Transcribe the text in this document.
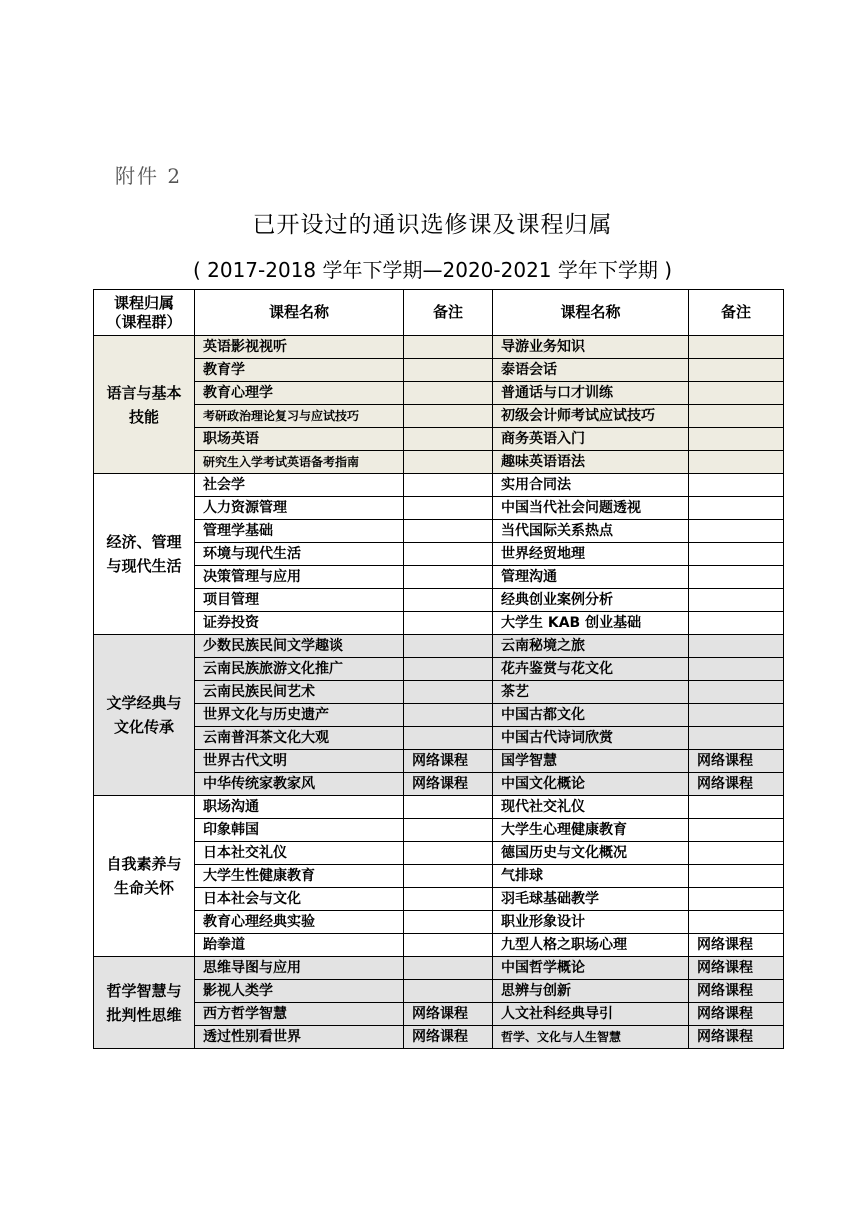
附件 2
已开设过的通识选修课及课程归属
( 2017-2018 学年下学期—2020-2021 学年下学期 )
课程归属（课程群）	课程名称	备注	课程名称	备注

语言与基本技能	英语影视视听		导游业务知识	
	教育学		泰语会话	
	教育心理学		普通话与口才训练	
	考研政治理论复习与应试技巧		初级会计师考试应试技巧	
	职场英语		商务英语入门	
	研究生入学考试英语备考指南		趣味英语语法	

经济、管理与现代生活	社会学		实用合同法	
	人力资源管理		中国当代社会问题透视	
	管理学基础		当代国际关系热点	
	环境与现代生活		世界经贸地理	
	决策管理与应用		管理沟通	
	项目管理		经典创业案例分析	
	证券投资		大学生 KAB 创业基础	

文学经典与文化传承	少数民族民间文学趣谈		云南秘境之旅	
	云南民族旅游文化推广		花卉鉴赏与花文化	
	云南民族民间艺术		茶艺	
	世界文化与历史遗产		中国古都文化	
	云南普洱茶文化大观		中国古代诗词欣赏	
	世界古代文明	网络课程	国学智慧	网络课程
	中华传统家教家风	网络课程	中国文化概论	网络课程

自我素养与生命关怀	职场沟通		现代社交礼仪	
	印象韩国		大学生心理健康教育	
	日本社交礼仪		德国历史与文化概况	
	大学生性健康教育		气排球	
	日本社会与文化		羽毛球基础教学	
	教育心理经典实验		职业形象设计	
	跆拳道		九型人格之职场心理	网络课程

哲学智慧与批判性思维	思维导图与应用		中国哲学概论	网络课程
	影视人类学		思辨与创新	网络课程
	西方哲学智慧	网络课程	人文社科经典导引	网络课程
	透过性别看世界	网络课程	哲学、文化与人生智慧	网络课程
